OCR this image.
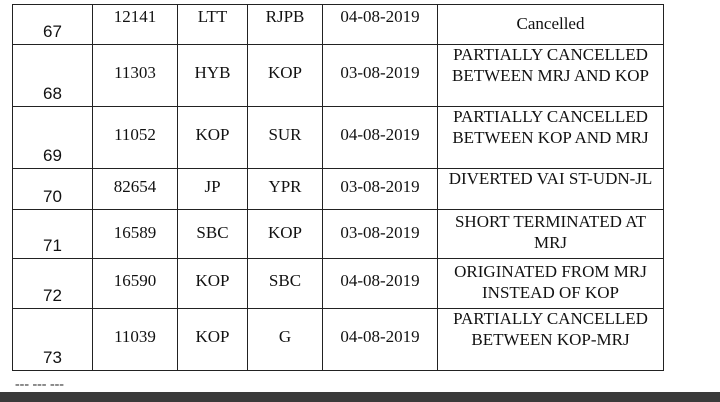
67	12141	LTT	RJPB	04-08-2019	Cancelled
68	11303	HYB	KOP	03-08-2019	PARTIALLY CANCELLED BETWEEN MRJ AND KOP
69	11052	KOP	SUR	04-08-2019	PARTIALLY CANCELLED BETWEEN KOP AND MRJ
70	82654	JP	YPR	03-08-2019	DIVERTED VAI ST-UDN-JL
71	16589	SBC	KOP	03-08-2019	SHORT TERMINATED AT MRJ
72	16590	KOP	SBC	04-08-2019	ORIGINATED FROM MRJ INSTEAD OF KOP
73	11039	KOP	G	04-08-2019	PARTIALLY CANCELLED BETWEEN KOP-MRJ
--- --- ---
